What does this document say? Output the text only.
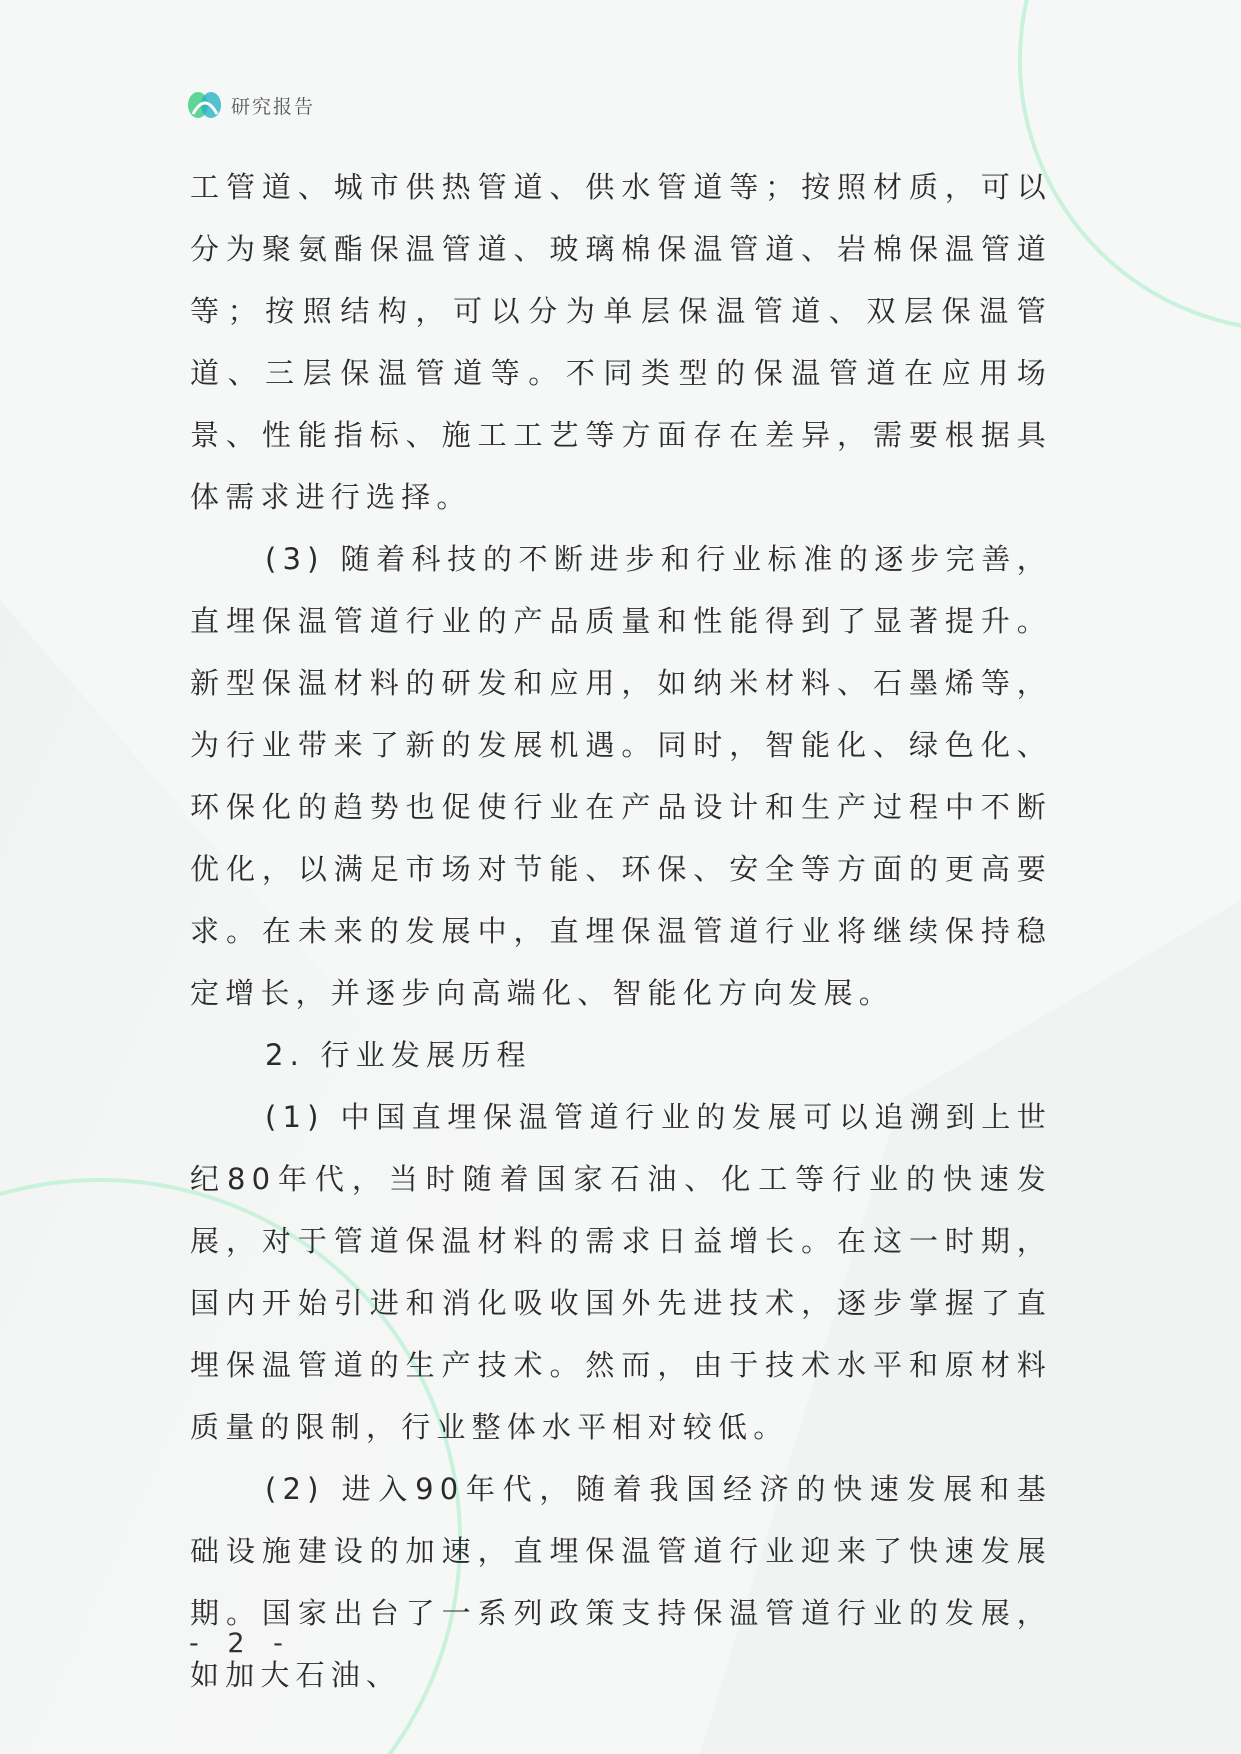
研究报告

工管道、城市供热管道、供水管道等；按照材质，可以分为聚氨酯保温管道、玻璃棉保温管道、岩棉保温管道等；按照结构，可以分为单层保温管道、双层保温管道、三层保温管道等。不同类型的保温管道在应用场景、性能指标、施工工艺等方面存在差异，需要根据具体需求进行选择。

(3) 随着科技的不断进步和行业标准的逐步完善，直埋保温管道行业的产品质量和性能得到了显著提升。新型保温材料的研发和应用，如纳米材料、石墨烯等，为行业带来了新的发展机遇。同时，智能化、绿色化、环保化的趋势也促使行业在产品设计和生产过程中不断优化，以满足市场对节能、环保、安全等方面的更高要求。在未来的发展中，直埋保温管道行业将继续保持稳定增长，并逐步向高端化、智能化方向发展。

2. 行业发展历程

(1) 中国直埋保温管道行业的发展可以追溯到上世纪80年代，当时随着国家石油、化工等行业的快速发展，对于管道保温材料的需求日益增长。在这一时期，国内开始引进和消化吸收国外先进技术，逐步掌握了直埋保温管道的生产技术。然而，由于技术水平和原材料质量的限制，行业整体水平相对较低。

(2) 进入90年代，随着我国经济的快速发展和基础设施建设的加速，直埋保温管道行业迎来了快速发展期。国家出台了一系列政策支持保温管道行业的发展，如加大石油、

- 2 -
